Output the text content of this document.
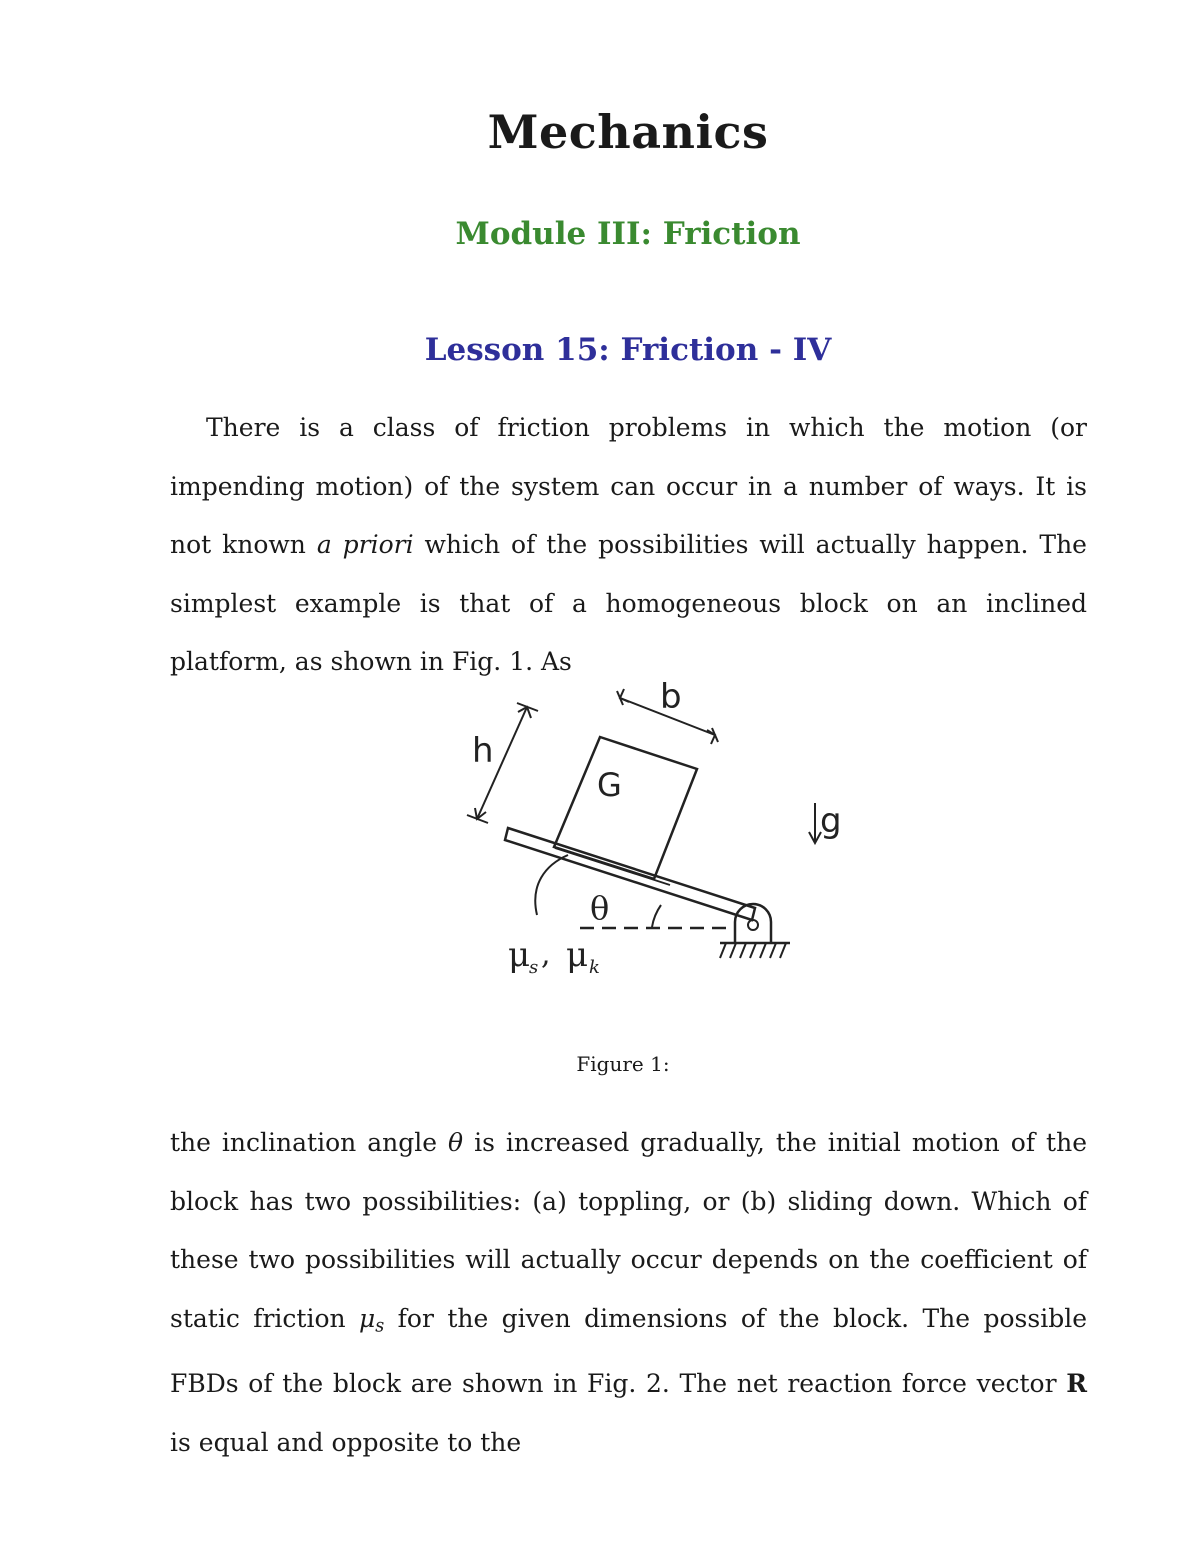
Mechanics
Module III: Friction
Lesson 15: Friction - IV

There is a class of friction problems in which the motion (or impending motion) of the system can occur in a number of ways. It is not known a priori which of the possibilities will actually happen. The simplest example is that of a homogeneous block on an inclined platform, as shown in Fig. 1. As

h
b
G
g
θ
μ
s , μ k
Figure 1:

the inclination angle θ is increased gradually, the initial motion of the block has two possibilities: (a) toppling, or (b) sliding down. Which of these two possibilities will actually occur depends on the coefficient of static friction $\mu_s$ for the given dimensions of the block. The possible FBDs of the block are shown in Fig. 2. The net reaction force vector R is equal and opposite to the
